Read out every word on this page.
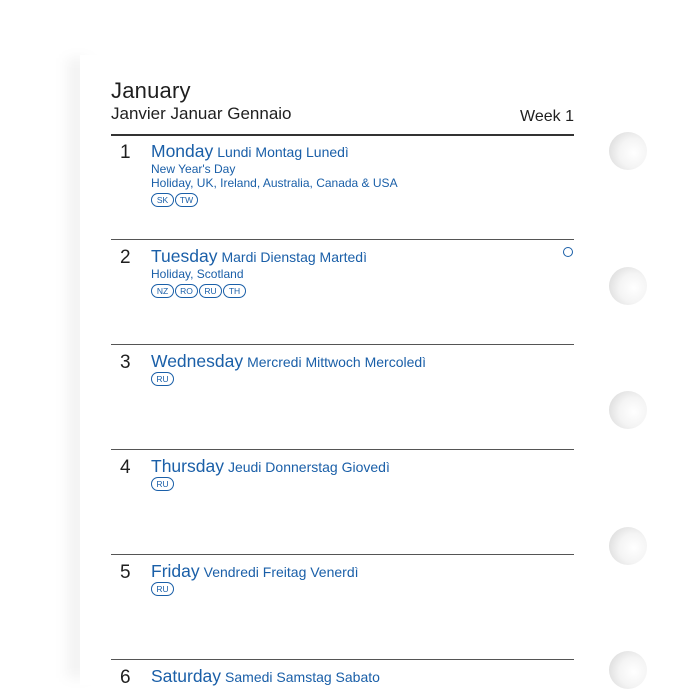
January
Janvier Januar Gennaio	Week 1
1 Monday Lundi Montag Lunedì
New Year's Day
Holiday, UK, Ireland, Australia, Canada & USA
SK	TW
2 Tuesday Mardi Dienstag Martedì
Holiday, Scotland
NZ	RO	RU	TH
3 Wednesday Mercredi Mittwoch Mercoledì
RU
4 Thursday Jeudi Donnerstag Giovedì
RU
5 Friday Vendredi Freitag Venerdì
RU
6 Saturday Samedi Samstag Sabato
